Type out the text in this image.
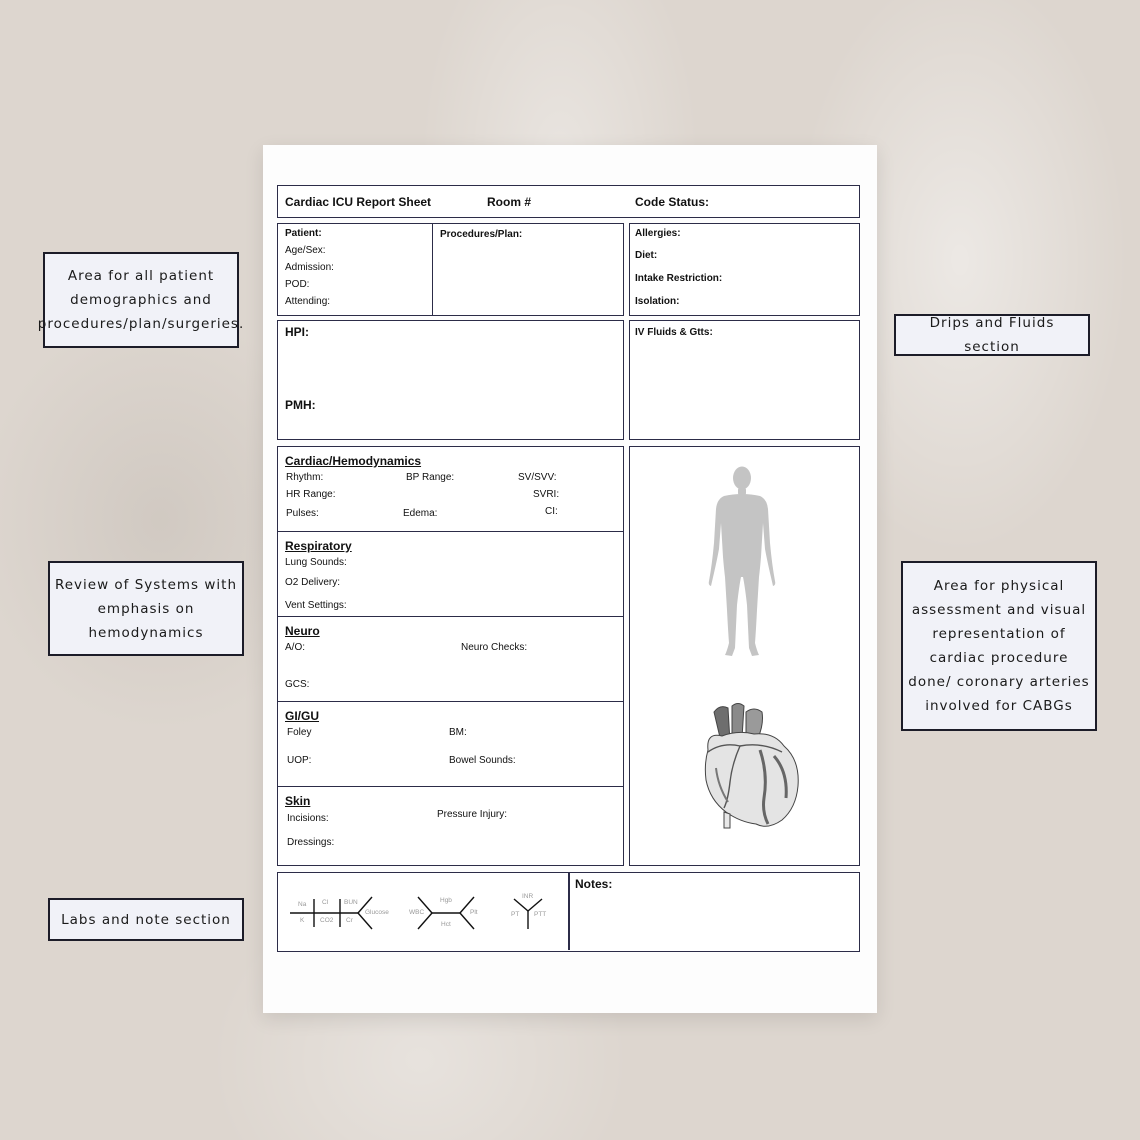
Area for all patient demographics and procedures/plan/surgeries.	Drips and Fluids section
Review of Systems with emphasis on hemodynamics
Area for physical assessment and visual representation of cardiac procedure done/ coronary arteries involved for CABGs
Labs and note section
Cardiac ICU Report Sheet	Room #	Code Status:
Patient:
Age/Sex:
Admission:
POD:
Attending:
Procedures/Plan:	Allergies:
Diet:
Intake Restriction:
Isolation:
HPI:
PMH:
IV Fluids & Gtts:
Cardiac/Hemodynamics
Rhythm:	BP Range:	SV/SVV:
HR Range:	SVRI:
Pulses:	Edema:	CI:
Respiratory
Lung Sounds:
O2 Delivery:
Vent Settings:
Neuro
A/O:	Neuro Checks:
GCS:
GI/GU
Foley	BM:
UOP:	Bowel Sounds:
Skin
Incisions:	Pressure Injury:
Dressings:
Notes:
Na Cl BUN
K CO2 Cr
Glucose	WBC
Hgb
Hct
Plt
INR
PT PTT
